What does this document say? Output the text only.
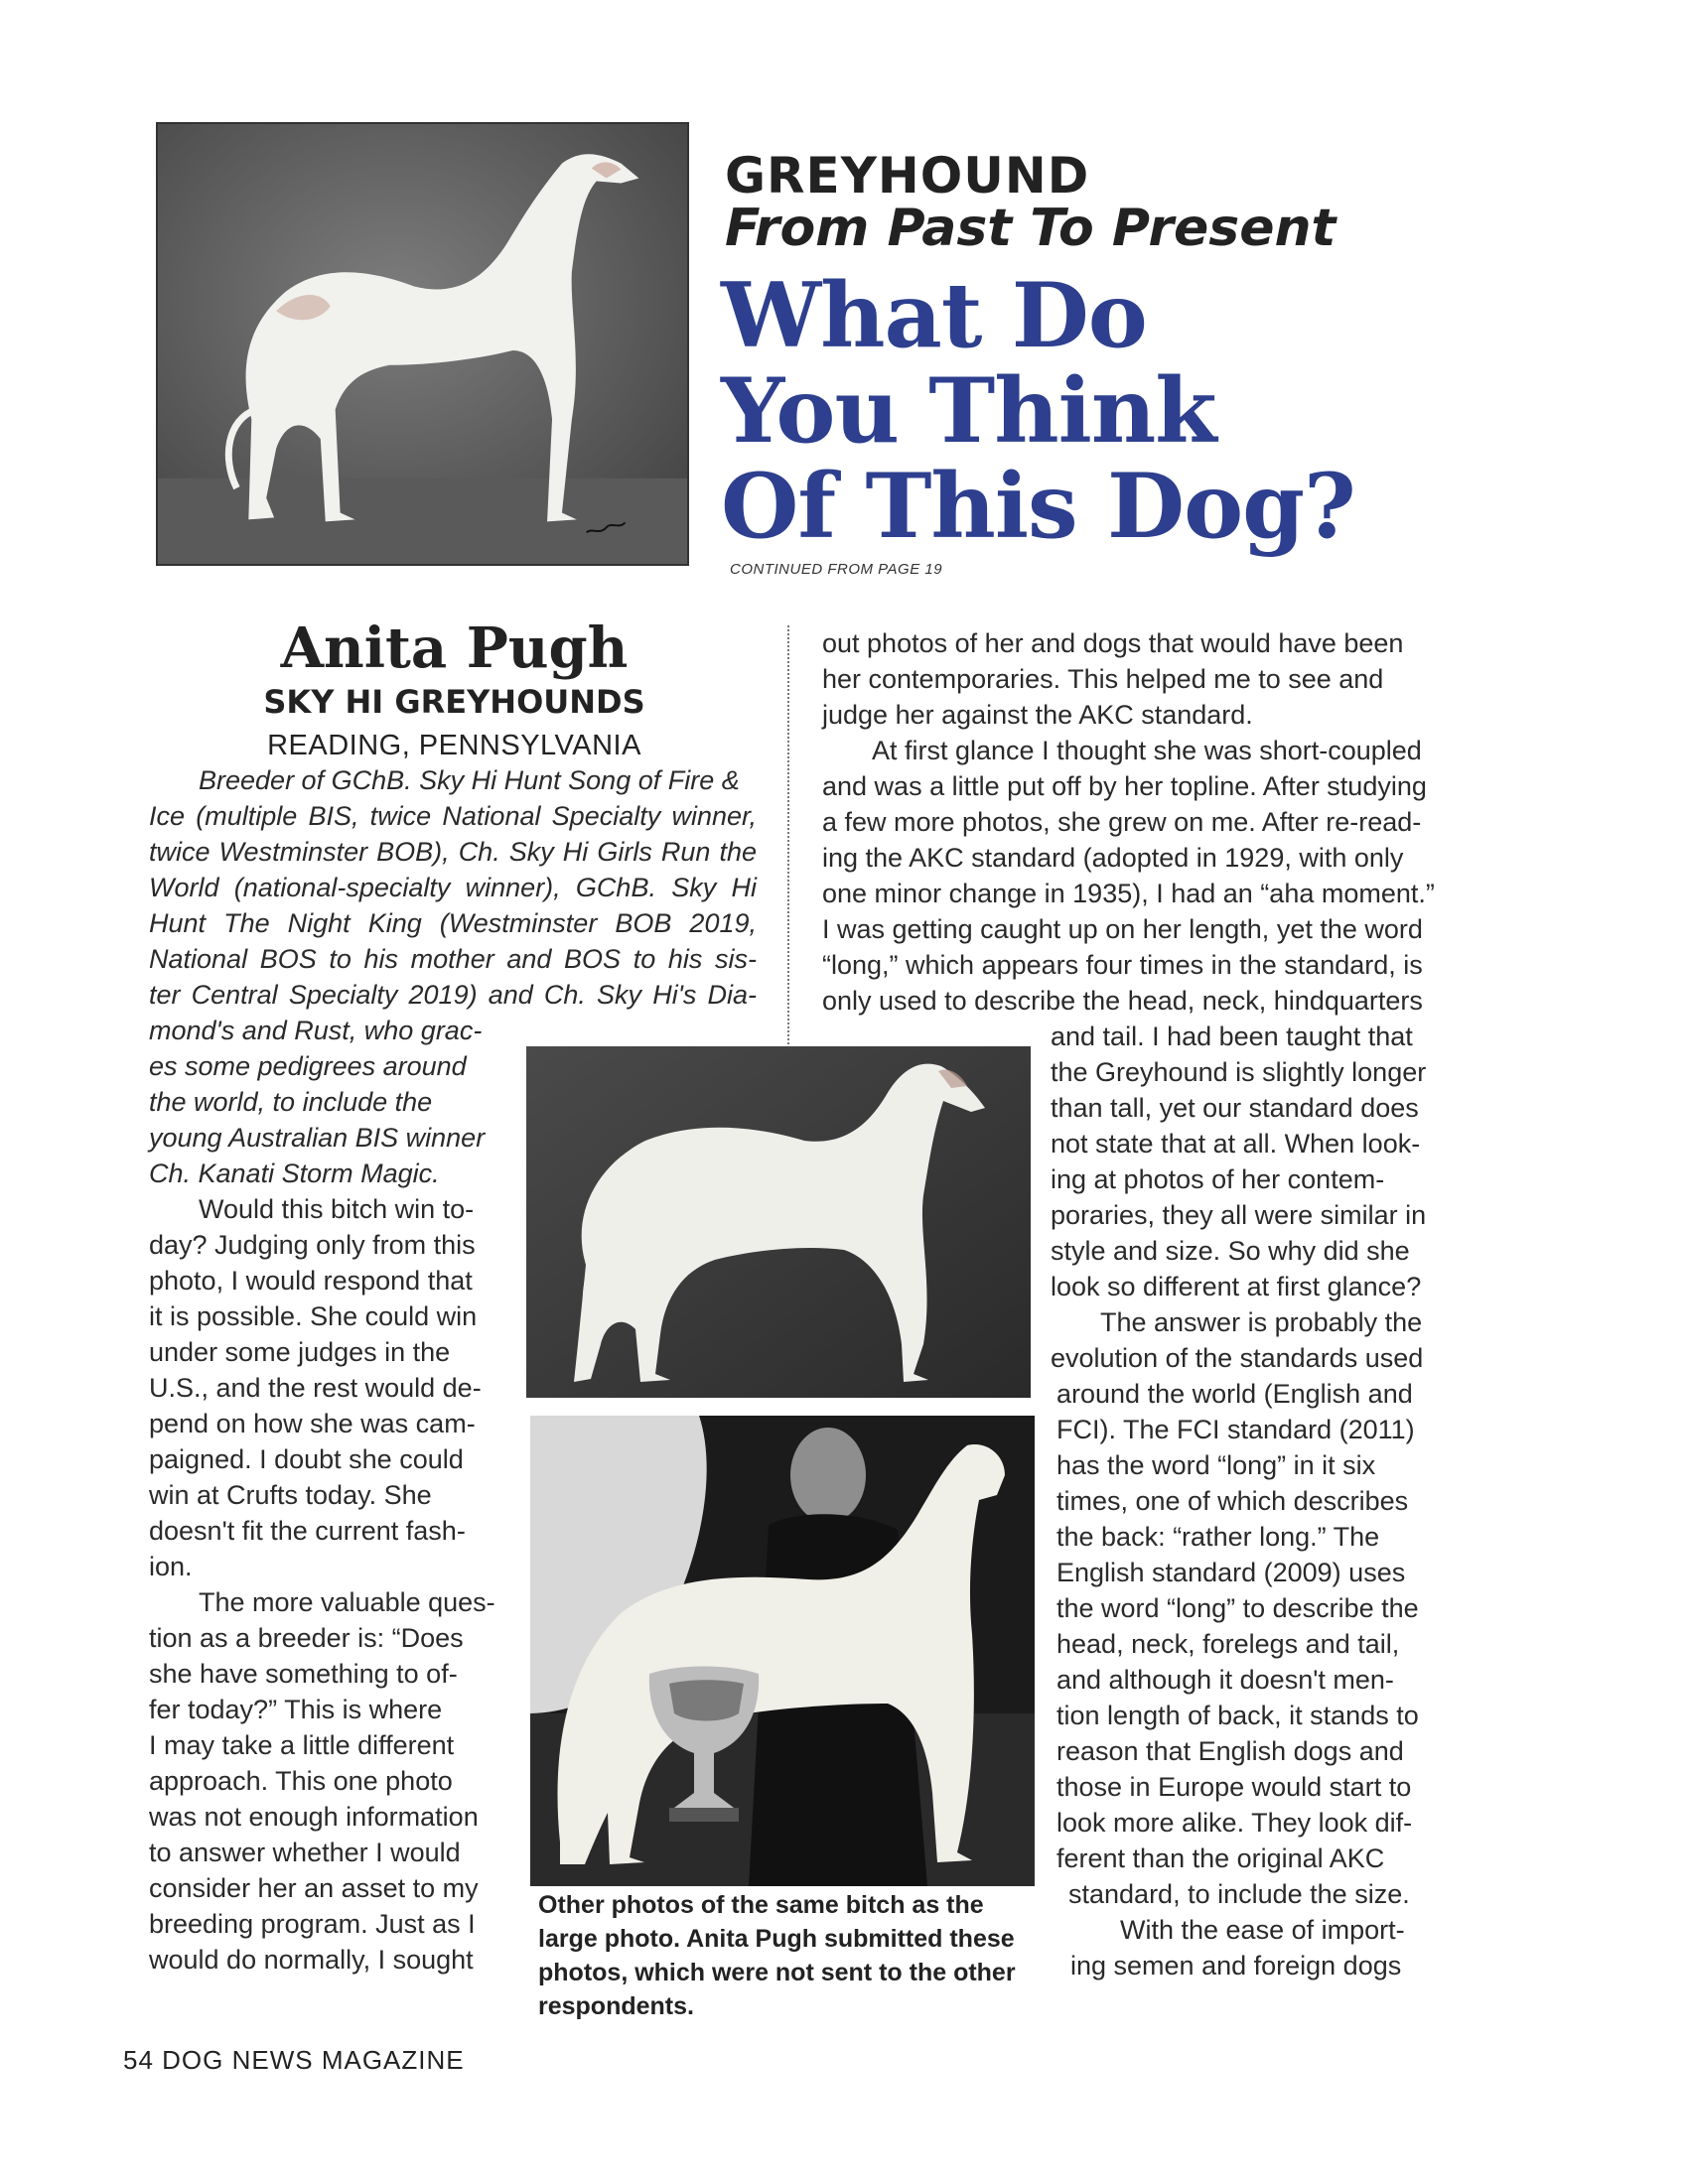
GREYHOUND
From Past To Present
What Do
You Think
Of This Dog?
CONTINUED FROM PAGE 19
Anita Pugh
SKY HI GREYHOUNDS
READING, PENNSYLVANIA
Breeder of GChB. Sky Hi Hunt Song of Fire &
Ice (multiple BIS, twice National Specialty winner,
twice Westminster BOB), Ch. Sky Hi Girls Run the
World (national-specialty winner), GChB. Sky Hi
Hunt The Night King (Westminster BOB 2019,
National BOS to his mother and BOS to his sis-
ter Central Specialty 2019) and Ch. Sky Hi's Dia-
mond's and Rust, who grac-
es some pedigrees around
the world, to include the
young Australian BIS winner
Ch. Kanati Storm Magic.
Would this bitch win to-
day? Judging only from this
photo, I would respond that
it is possible. She could win
under some judges in the
U.S., and the rest would de-
pend on how she was cam-
paigned. I doubt she could
win at Crufts today. She
doesn't fit the current fash-
ion.
The more valuable ques-
tion as a breeder is: “Does
she have something to of-
fer today?” This is where
I may take a little different
approach. This one photo
was not enough information
to answer whether I would
consider her an asset to my
breeding program. Just as I
would do normally, I sought
out photos of her and dogs that would have been
her contemporaries. This helped me to see and
judge her against the AKC standard.
At first glance I thought she was short-coupled
and was a little put off by her topline. After studying
a few more photos, she grew on me. After re-read-
ing the AKC standard (adopted in 1929, with only
one minor change in 1935), I had an “aha moment.”
I was getting caught up on her length, yet the word
“long,” which appears four times in the standard, is
only used to describe the head, neck, hindquarters
and tail. I had been taught that
the Greyhound is slightly longer
than tall, yet our standard does
not state that at all. When look-
ing at photos of her contem-
poraries, they all were similar in
style and size. So why did she
look so different at first glance?
The answer is probably the
evolution of the standards used
around the world (English and
FCI). The FCI standard (2011)
has the word “long” in it six
times, one of which describes
the back: “rather long.” The
English standard (2009) uses
the word “long” to describe the
head, neck, forelegs and tail,
and although it doesn't men-
tion length of back, it stands to
reason that English dogs and
those in Europe would start to
look more alike. They look dif-
ferent than the original AKC
standard, to include the size.
With the ease of import-
ing semen and foreign dogs
Other photos of the same bitch as the large photo. Anita Pugh submitted these photos, which were not sent to the other respondents.
54 DOG NEWS MAGAZINE
